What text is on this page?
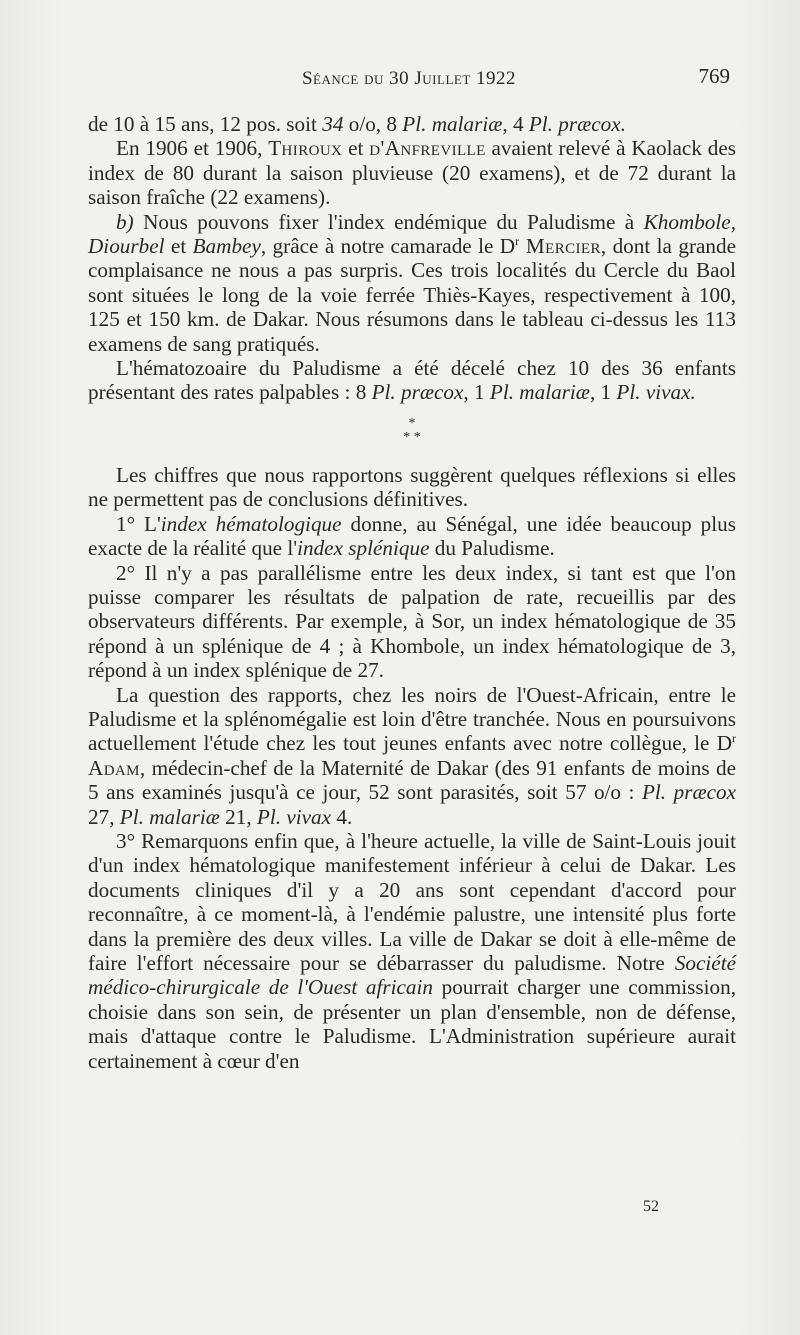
Séance du 30 Juillet 1922	769

de 10 à 15 ans, 12 pos. soit 34 o/o, 8 Pl. malariæ, 4 Pl. præcox.

En 1906 et 1906, Thiroux et d'Anfreville avaient relevé à Kaolack des index de 80 durant la saison pluvieuse (20 examens), et de 72 durant la saison fraîche (22 examens).

b) Nous pouvons fixer l'index endémique du Paludisme à Khombole, Diourbel et Bambey, grâce à notre camarade le $D^r$ Mercier, dont la grande complaisance ne nous a pas surpris. Ces trois localités du Cercle du Baol sont situées le long de la voie ferrée Thiès-Kayes, respectivement à 100, 125 et 150 km. de Dakar. Nous résumons dans le tableau ci-dessus les 113 examens de sang pratiqués.

L'hématozoaire du Paludisme a été décelé chez 10 des 36 enfants présentant des rates palpables : 8 Pl. præcox, 1 Pl. malariæ, 1 Pl. vivax.

*
* *

Les chiffres que nous rapportons suggèrent quelques réflexions si elles ne permettent pas de conclusions définitives.

1° L'index hématologique donne, au Sénégal, une idée beaucoup plus exacte de la réalité que l'index splénique du Paludisme.

2° Il n'y a pas parallélisme entre les deux index, si tant est que l'on puisse comparer les résultats de palpation de rate, recueillis par des observateurs différents. Par exemple, à Sor, un index hématologique de 35 répond à un splénique de 4 ; à Khombole, un index hématologique de 3, répond à un index splénique de 27.

La question des rapports, chez les noirs de l'Ouest-Africain, entre le Paludisme et la splénomégalie est loin d'être tranchée. Nous en poursuivons actuellement l'étude chez les tout jeunes enfants avec notre collègue, le $D^r$ Adam, médecin-chef de la Maternité de Dakar (des 91 enfants de moins de 5 ans examinés jusqu'à ce jour, 52 sont parasités, soit 57 o/o : Pl. præcox 27, Pl. malariæ 21, Pl. vivax 4.

3° Remarquons enfin que, à l'heure actuelle, la ville de Saint-Louis jouit d'un index hématologique manifestement inférieur à celui de Dakar. Les documents cliniques d'il y a 20 ans sont cependant d'accord pour reconnaître, à ce moment-là, à l'endémie palustre, une intensité plus forte dans la première des deux villes. La ville de Dakar se doit à elle-même de faire l'effort nécessaire pour se débarrasser du paludisme. Notre Société médico-chirurgicale de l'Ouest africain pourrait charger une commission, choisie dans son sein, de présenter un plan d'ensemble, non de défense, mais d'attaque contre le Paludisme. L'Administration supérieure aurait certainement à cœur d'en

52
